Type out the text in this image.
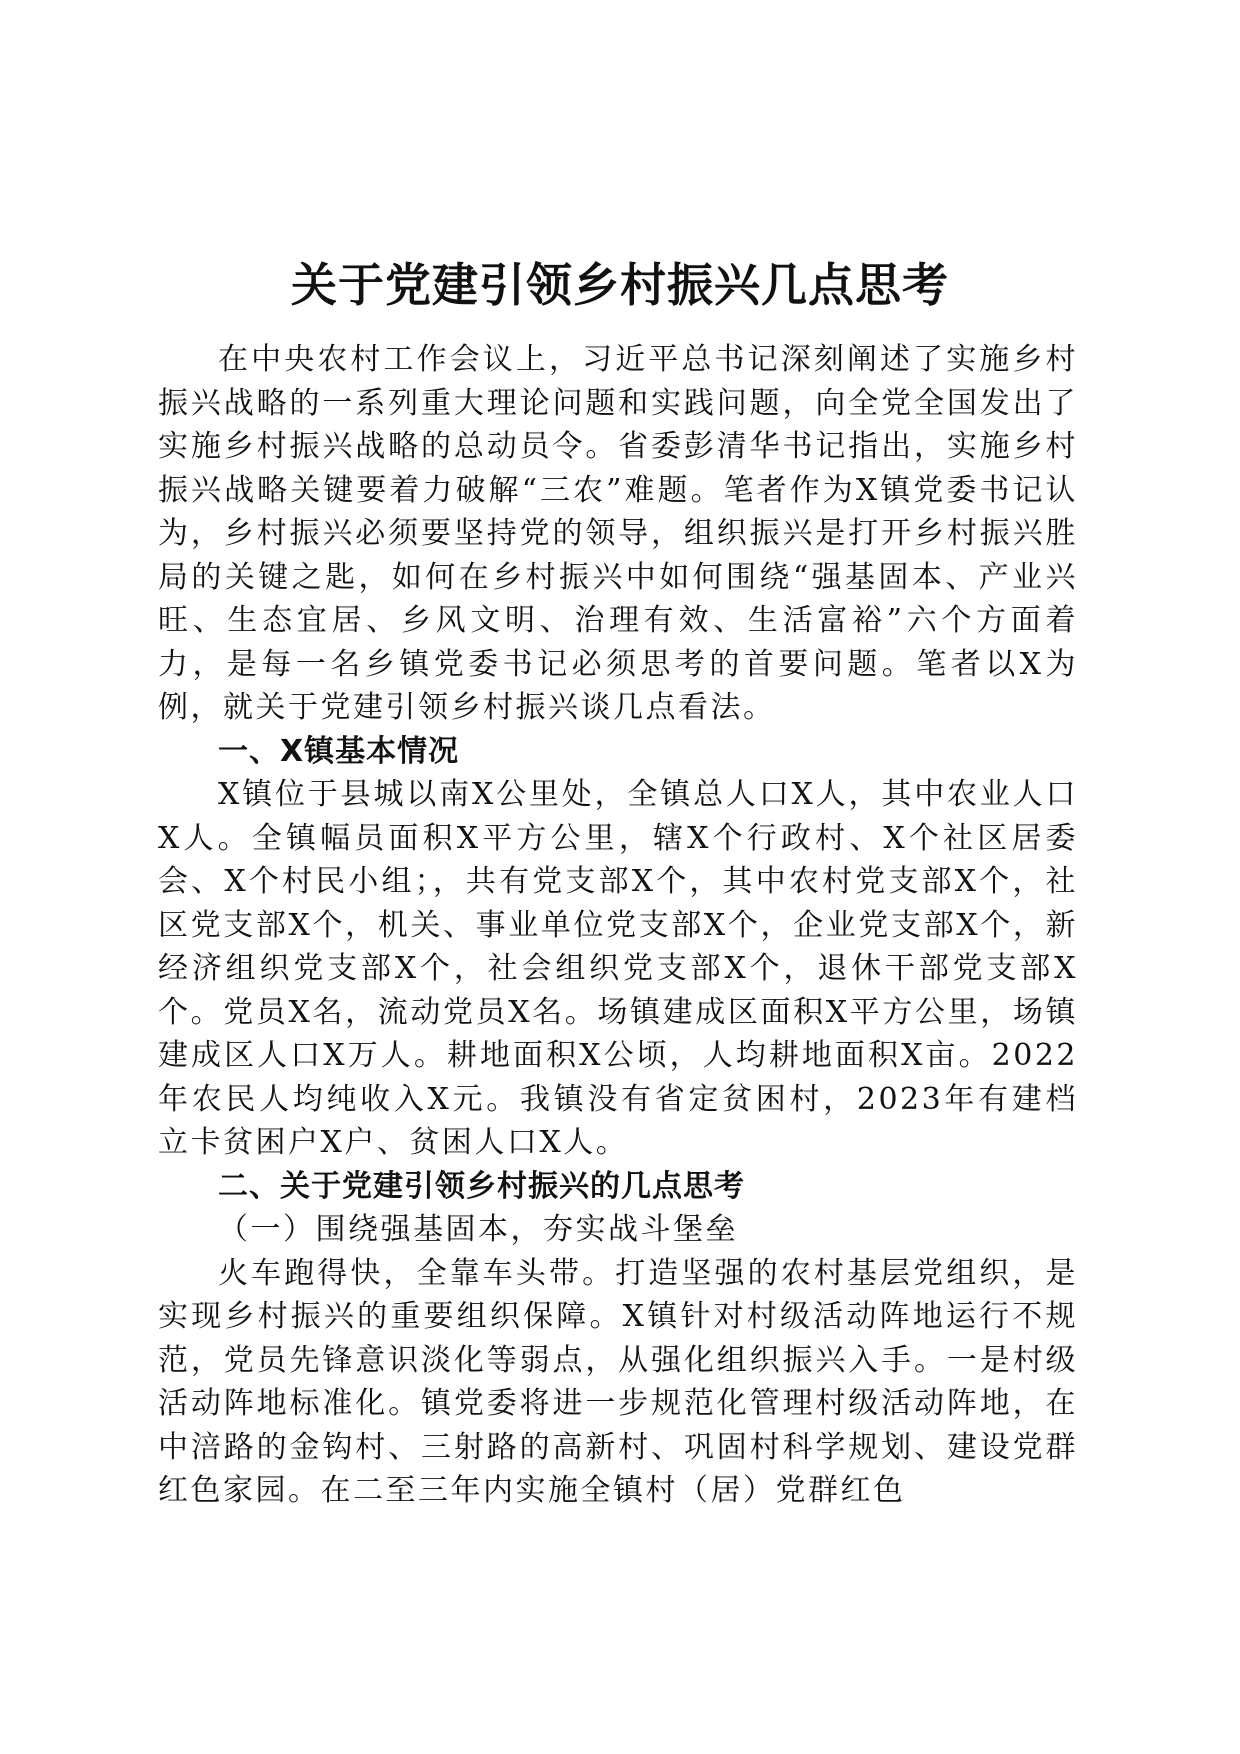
关于党建引领乡村振兴几点思考

在中央农村工作会议上，习近平总书记深刻阐述了实施乡村振兴战略的一系列重大理论问题和实践问题，向全党全国发出了实施乡村振兴战略的总动员令。省委彭清华书记指出，实施乡村振兴战略关键要着力破解“三农”难题。笔者作为X镇党委书记认为，乡村振兴必须要坚持党的领导，组织振兴是打开乡村振兴胜局的关键之匙，如何在乡村振兴中如何围绕“强基固本、产业兴旺、生态宜居、乡风文明、治理有效、生活富裕”六个方面着力，是每一名乡镇党委书记必须思考的首要问题。笔者以X为例，就关于党建引领乡村振兴谈几点看法。

一、X镇基本情况

X镇位于县城以南X公里处，全镇总人口X人，其中农业人口X人。全镇幅员面积X平方公里，辖X个行政村、X个社区居委会、X个村民小组；，共有党支部X个，其中农村党支部X个，社区党支部X个，机关、事业单位党支部X个，企业党支部X个，新经济组织党支部X个，社会组织党支部X个，退休干部党支部X个。党员X名，流动党员X名。场镇建成区面积X平方公里，场镇建成区人口X万人。耕地面积X公顷，人均耕地面积X亩。2022年农民人均纯收入X元。我镇没有省定贫困村，2023年有建档立卡贫困户X户、贫困人口X人。

二、关于党建引领乡村振兴的几点思考

（一）围绕强基固本，夯实战斗堡垒

火车跑得快，全靠车头带。打造坚强的农村基层党组织，是实现乡村振兴的重要组织保障。X镇针对村级活动阵地运行不规范，党员先锋意识淡化等弱点，从强化组织振兴入手。一是村级活动阵地标准化。镇党委将进一步规范化管理村级活动阵地，在中涪路的金钩村、三射路的高新村、巩固村科学规划、建设党群红色家园。在二至三年内实施全镇村（居）党群红色
